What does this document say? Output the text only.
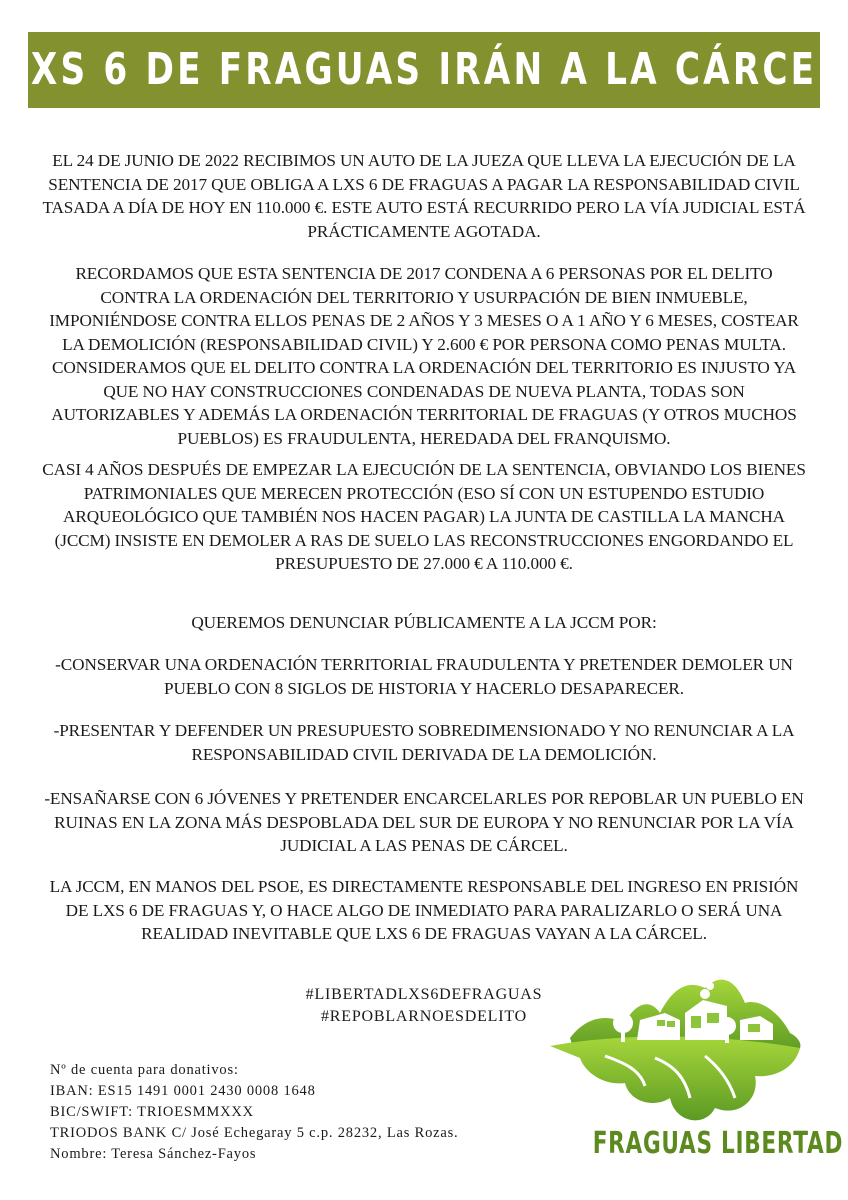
LXS 6 DE FRAGUAS IRÁN A LA CÁRCEL

EL 24 DE JUNIO DE 2022 RECIBIMOS UN AUTO DE LA JUEZA QUE LLEVA LA EJECUCIÓN DE LA SENTENCIA DE 2017 QUE OBLIGA A LXS 6 DE FRAGUAS A PAGAR LA RESPONSABILIDAD CIVIL TASADA A DÍA DE HOY EN 110.000 €. ESTE AUTO ESTÁ RECURRIDO PERO LA VÍA JUDICIAL ESTÁ PRÁCTICAMENTE AGOTADA.

RECORDAMOS QUE ESTA SENTENCIA DE 2017 CONDENA A 6 PERSONAS POR EL DELITO CONTRA LA ORDENACIÓN DEL TERRITORIO Y USURPACIÓN DE BIEN INMUEBLE, IMPONIÉNDOSE CONTRA ELLOS PENAS DE 2 AÑOS Y 3 MESES O A 1 AÑO Y 6 MESES, COSTEAR LA DEMOLICIÓN (RESPONSABILIDAD CIVIL) Y 2.600 € POR PERSONA COMO PENAS MULTA. CONSIDERAMOS QUE EL DELITO CONTRA LA ORDENACIÓN DEL TERRITORIO ES INJUSTO YA QUE NO HAY CONSTRUCCIONES CONDENADAS DE NUEVA PLANTA, TODAS SON AUTORIZABLES Y ADEMÁS LA ORDENACIÓN TERRITORIAL DE FRAGUAS (Y OTROS MUCHOS PUEBLOS) ES FRAUDULENTA, HEREDADA DEL FRANQUISMO.

CASI 4 AÑOS DESPUÉS DE EMPEZAR LA EJECUCIÓN DE LA SENTENCIA, OBVIANDO LOS BIENES PATRIMONIALES QUE MERECEN PROTECCIÓN (ESO SÍ CON UN ESTUPENDO ESTUDIO ARQUEOLÓGICO QUE TAMBIÉN NOS HACEN PAGAR) LA JUNTA DE CASTILLA LA MANCHA (JCCM) INSISTE EN DEMOLER A RAS DE SUELO LAS RECONSTRUCCIONES ENGORDANDO EL PRESUPUESTO DE 27.000 € A 110.000 €.

QUEREMOS DENUNCIAR PÚBLICAMENTE A LA JCCM POR:

-CONSERVAR UNA ORDENACIÓN TERRITORIAL FRAUDULENTA Y PRETENDER DEMOLER UN PUEBLO CON 8 SIGLOS DE HISTORIA Y HACERLO DESAPARECER.

-PRESENTAR Y DEFENDER UN PRESUPUESTO SOBREDIMENSIONADO Y NO RENUNCIAR A LA RESPONSABILIDAD CIVIL DERIVADA DE LA DEMOLICIÓN.

-ENSAÑARSE CON 6 JÓVENES Y PRETENDER ENCARCELARLES POR REPOBLAR UN PUEBLO EN RUINAS EN LA ZONA MÁS DESPOBLADA DEL SUR DE EUROPA Y NO RENUNCIAR POR LA VÍA JUDICIAL A LAS PENAS DE CÁRCEL.

LA JCCM, EN MANOS DEL PSOE, ES DIRECTAMENTE RESPONSABLE DEL INGRESO EN PRISIÓN DE LXS 6 DE FRAGUAS Y, O HACE ALGO DE INMEDIATO PARA PARALIZARLO O SERÁ UNA REALIDAD INEVITABLE QUE LXS 6 DE FRAGUAS VAYAN A LA CÁRCEL.

#LIBERTADLXS6DEFRAGUAS
#REPOBLARNOESDELITO
Nº de cuenta para donativos:
IBAN: ES15 1491 0001 2430 0008 1648
BIC/SWIFT: TRIOESMMXXX
TRIODOS BANK C/ José Echegaray 5 c.p. 28232, Las Rozas.
Nombre: Teresa Sánchez-Fayos	FRAGUAS LIBERTAD
